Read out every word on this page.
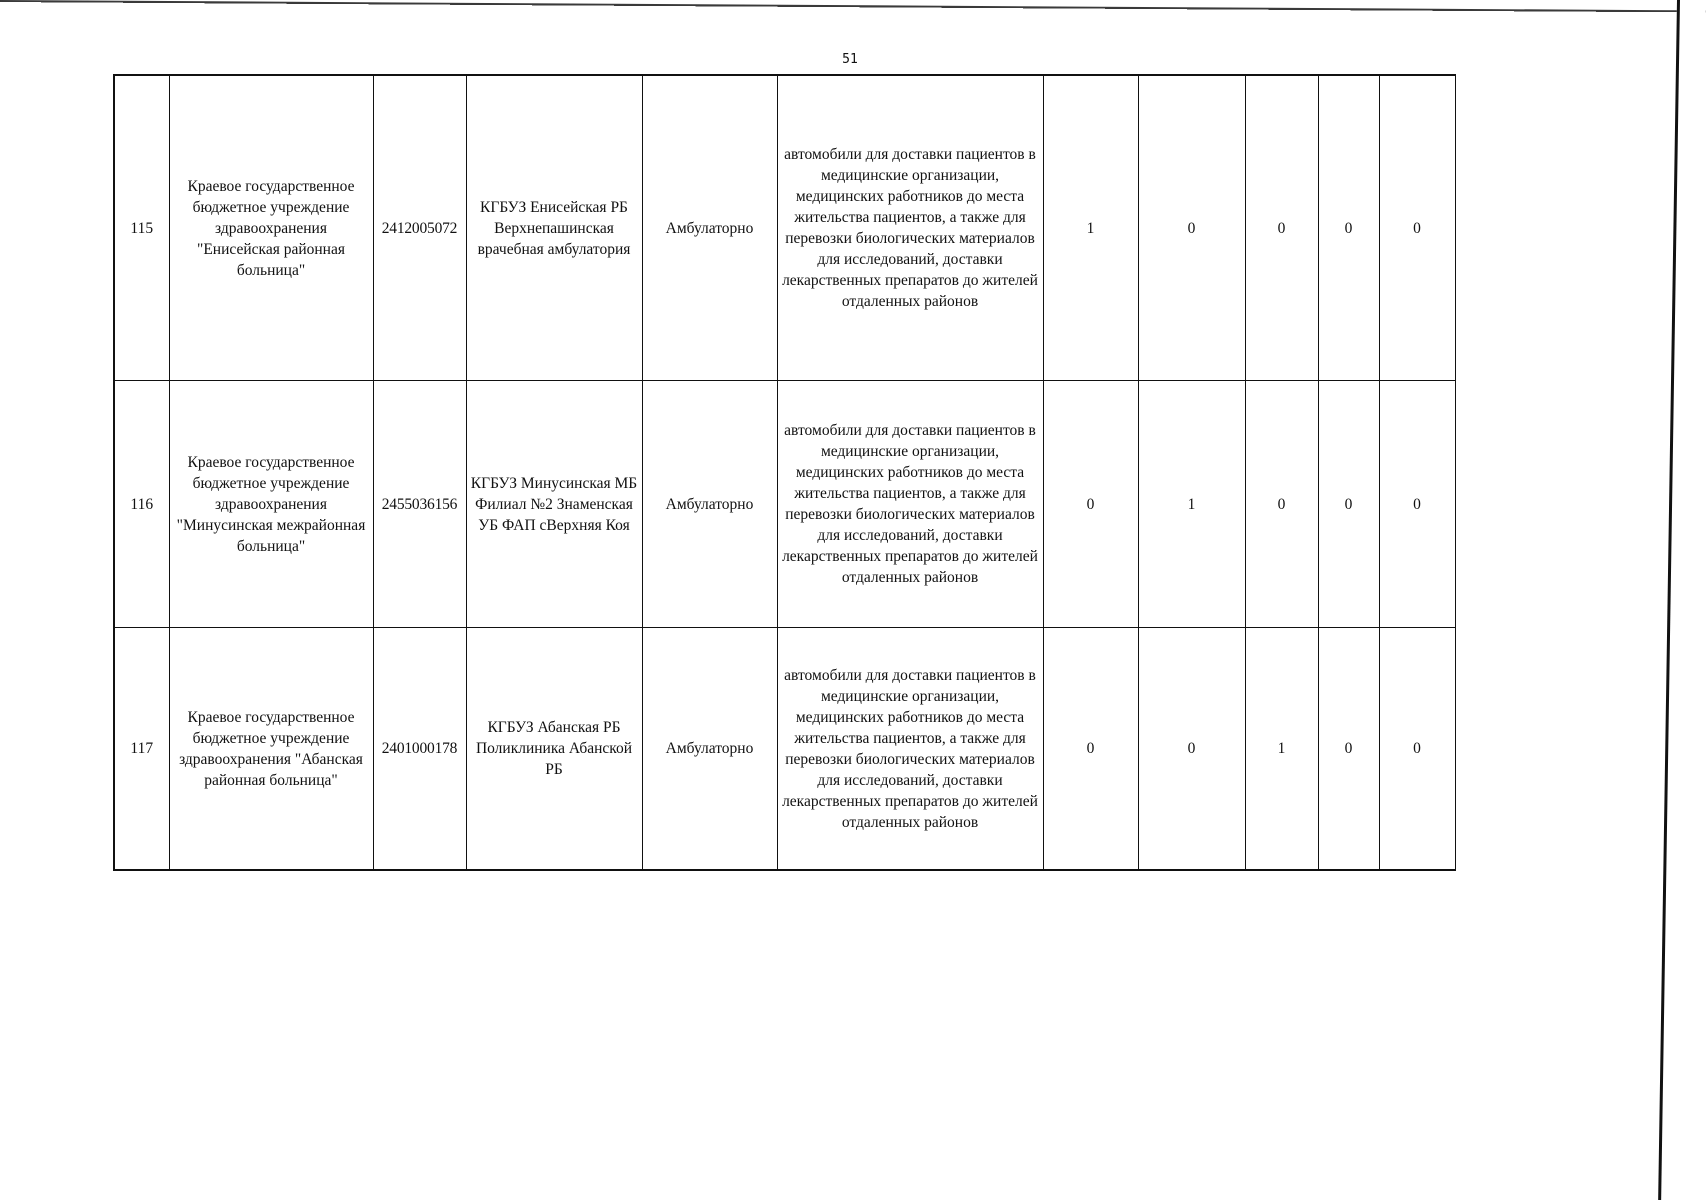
51
115	Краевое государственное бюджетное учреждение здравоохранения "Енисейская районная больница"	2412005072	КГБУЗ Енисейская РБ Верхнепашинская врачебная амбулатория	Амбулаторно	автомобили для доставки пациентов в медицинские организации, медицинских работников до места жительства пациентов, а также для перевозки биологических материалов для исследований, доставки лекарственных препаратов до жителей отдаленных районов	1	0	0	0	0
116	Краевое государственное бюджетное учреждение здравоохранения "Минусинская межрайонная больница"	2455036156	КГБУЗ Минусинская МБ Филиал №2 Знаменская УБ ФАП сВерхняя Коя	Амбулаторно	автомобили для доставки пациентов в медицинские организации, медицинских работников до места жительства пациентов, а также для перевозки биологических материалов для исследований, доставки лекарственных препаратов до жителей отдаленных районов	0	1	0	0	0
117	Краевое государственное бюджетное учреждение здравоохранения "Абанская районная больница"	2401000178	КГБУЗ Абанская РБ Поликлиника Абанской РБ	Амбулаторно	автомобили для доставки пациентов в медицинские организации, медицинских работников до места жительства пациентов, а также для перевозки биологических материалов для исследований, доставки лекарственных препаратов до жителей отдаленных районов	0	0	1	0	0
